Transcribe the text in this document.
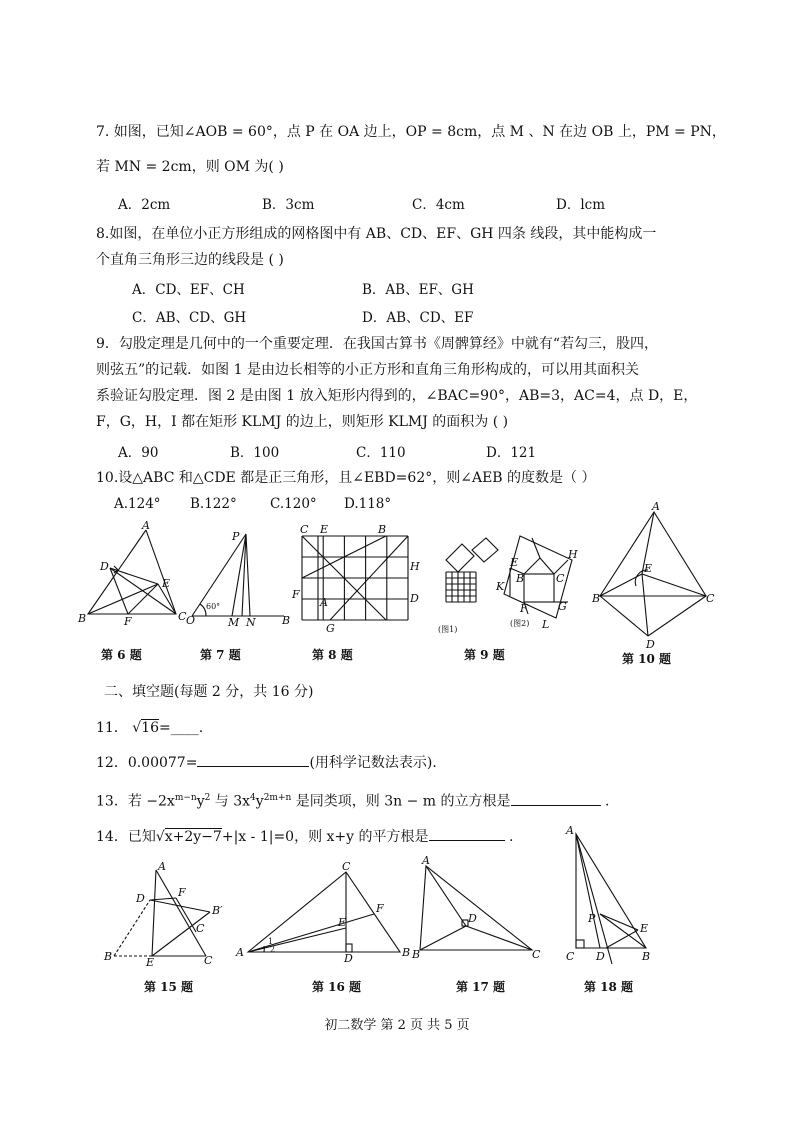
7. 如图，已知∠AOB = 60°，点 P 在 OA 边上，OP = 8cm，点 M 、N 在边 OB 上，PM = PN，
若 MN = 2cm，则 OM 为( )
A．2cm	B．3cm	C．4cm	D．lcm
8.如图，在单位小正方形组成的网格图中有 AB、CD、EF、GH 四条 线段，其中能构成一
个直角三角形三边的线段是 ( )
A．CD、EF、CH	B．AB、EF、GH
C．AB、CD、GH	D．AB、CD、EF
9．勾股定理是几何中的一个重要定理．在我国古算书《周髀算经》中就有“若勾三，股四，
则弦五”的记载．如图 1 是由边长相等的小正方形和直角三角形构成的，可以用其面积关
系验证勾股定理．图 2 是由图 1 放入矩形内得到的，∠BAC=90°，AB=3，AC=4，点 D，E，
F，G，H，I 都在矩形 KLMJ 的边上，则矩形 KLMJ 的面积为 ( )
A．90	B．100	C．110	D．121
10.设△ABC 和△CDE 都是正三角形，且∠EBD=62°，则∠AEB 的度数是（ ）
A.124° B.122° C.120° D.118°
A
D
E
B	F	C
第 6 题
P
60°
O	M N B
第 7 题
C E	B
H
F
A	D
G
第 8 题
(图1)
E
K
B	C
H
F	G
L
(图2)
第 9 题
A
E
B	C
D
第 10 题
二、填空题(每题 2 分，共 16 分)
11． √16=____.
12．0.00077=	(用科学记数法表示)．
13．若 $-2x^{m-n}y^2$ 与 $3x^4y^{2m+n}$ 是同类项，则 3n − m 的立方根是	.
14．已知√x+2y−7+|x - 1|=0，则 x+y 的平方根是	.
A
D	F
B′
C
B	E	C
第 15 题
C
F
E
A	B
D
1
2
第 16 题
A
D
B	C
第 17 题
A
P
E
C D	B
第 18 题
初二数学 第 2 页 共 5 页
